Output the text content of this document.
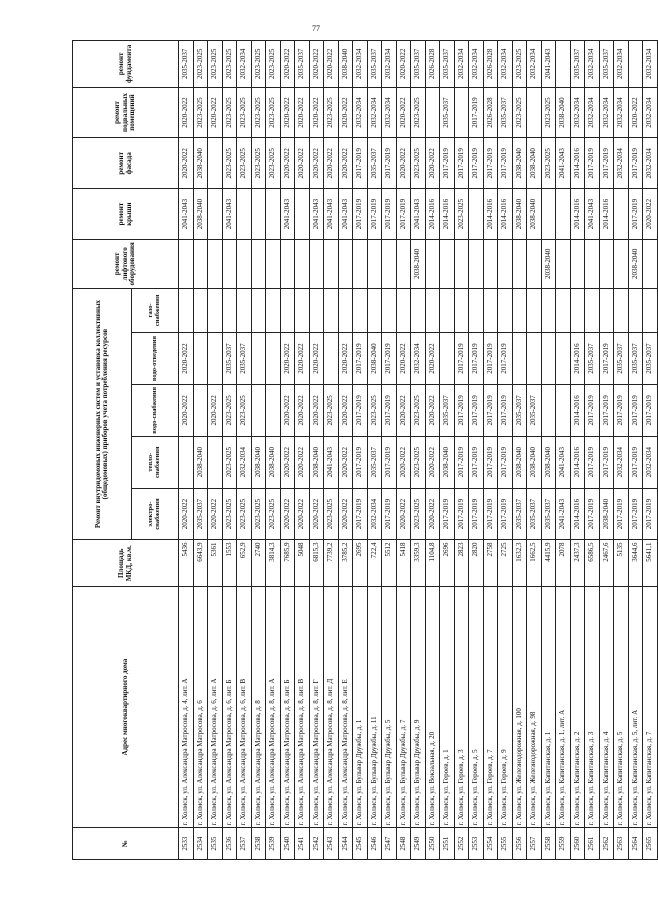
77
№	Адрес многоквартирного дома	Площадь МКД, кв.м.	Ремонт внутридомовых инженерных систем и установка коллективных (общедомовых) приборов учета потребления ресурсов					ремонт лифтового оборудования	ремонт крыши	ремонт фасада	ремонт подвальных помещений	ремонт фундамента
			электро-снабжения	тепло-снабжения	водо-снабжения	водо-отведения	газо-снабжения					
2533	г. Холмск, ул. Александра Матросова, д. 4, лит. А	5436	2020-2022		2020-2022	2020-2022			2041-2043	2020-2022	2020-2022	2035-2037
2534	г. Холмск, ул. Александра Матросова, д. 6	6643,9	2035-2037	2038-2040					2038-2040	2038-2040	2023-2025	2023-2025
2535	г. Холмск, ул. Александра Матросова, д. 6, лит. А	5361	2020-2022		2020-2022						2020-2022	2023-2025
2536	г. Холмск, ул. Александра Матросова, д. 6, лит. Б	1553	2023-2025	2023-2025	2023-2025	2035-2037			2041-2043	2023-2025	2023-2025	2023-2025
2537	г. Холмск, ул. Александра Матросова, д. 6, лит. В	652,9	2023-2025	2032-2034	2023-2025	2035-2037				2023-2025	2023-2025	2032-2034
2538	г. Холмск, ул. Александра Матросова, д. 8	2740	2023-2025	2038-2040						2023-2025	2023-2025	2023-2025
2539	г. Холмск, ул. Александра Матросова, д. 8, лит. А	3814,3	2023-2025	2038-2040						2023-2025	2023-2025	2023-2025
2540	г. Холмск, ул. Александра Матросова, д. 8, лит. Б	7685,9	2020-2022	2020-2022	2020-2022	2020-2022			2041-2043	2020-2022	2020-2022	2020-2022
2541	г. Холмск, ул. Александра Матросова, д. 8, лит. В	5048	2020-2022	2020-2022	2020-2022	2020-2022				2020-2022	2020-2022	2035-2037
2542	г. Холмск, ул. Александра Матросова, д. 8, лит. Г	6815,3	2020-2022	2038-2040	2020-2022	2020-2022			2041-2043	2020-2022	2020-2022	2020-2022
2543	г. Холмск, ул. Александра Матросова, д. 8, лит. Д	7739,2	2023-2025	2041-2043	2023-2025				2041-2043	2020-2022	2023-2025	2020-2022
2544	г. Холмск, ул. Александра Матросова, д. 8, лит. Е	3785,2	2020-2022	2020-2022	2020-2022	2020-2022			2041-2043	2020-2022	2020-2022	2038-2040
2545	г. Холмск, ул. Бульвар Дружбы, д. 1	2695	2017-2019	2017-2019	2017-2019	2017-2019			2017-2019	2017-2019	2032-2034	2032-2034
2546	г. Холмск, ул. Бульвар Дружбы, д. 11	722,4	2032-2034	2035-2037	2023-2025	2038-2040			2017-2019	2035-2037	2032-2034	2035-2037
2547	г. Холмск, ул. Бульвар Дружбы, д. 5	5512	2017-2019	2017-2019	2017-2019	2017-2019			2017-2019	2017-2019	2032-2034	2032-2034
2548	г. Холмск, ул. Бульвар Дружбы, д. 7	5418	2020-2022	2020-2022	2020-2022	2020-2022			2017-2019	2020-2022	2020-2022	2020-2022
2549	г. Холмск, ул. Бульвар Дружбы, д. 9	3359,3	2023-2025	2023-2025	2023-2025	2032-2034		2038-2040	2041-2043	2023-2025	2023-2025	2035-2037
2550	г. Холмск, ул. Вокзальная, д. 20	1104,8	2020-2022	2020-2022	2020-2022	2020-2022			2014-2016	2020-2022		2026-2028
2551	г. Холмск, ул. Героев, д. 1	2696	2017-2019	2038-2040	2035-2037				2014-2016	2017-2019	2035-2037	2035-2037
2552	г. Холмск, ул. Героев, д. 3	2823	2017-2019	2017-2019	2017-2019	2017-2019			2023-2025	2017-2019		2032-2034
2553	г. Холмск, ул. Героев, д. 5	2820	2017-2019	2017-2019	2017-2019	2017-2019				2017-2019	2017-2019	2032-2034
2554	г. Холмск, ул. Героев, д. 7	2758	2017-2019	2017-2019	2017-2019	2017-2019			2014-2016	2017-2019	2026-2028	2026-2028
2555	г. Холмск, ул. Героев, д. 9	2725	2017-2019	2017-2019	2017-2019	2017-2019			2014-2016	2017-2019	2035-2037	2032-2034
2556	г. Холмск, ул. Железнодорожная, д. 100	1632,3	2035-2037	2038-2040	2035-2037				2038-2040	2038-2040	2023-2025	2023-2025
2557	г. Холмск, ул. Железнодорожная, д. 98	1662,5	2035-2037	2038-2040	2035-2037				2038-2040	2038-2040		2032-2034
2558	г. Холмск, ул. Капитанская, д. 1	4415,9	2035-2037	2038-2040				2038-2040		2023-2025	2023-2025	2041-2043
2559	г. Холмск, ул. Капитанская, д. 1, лит. А	2078	2041-2043	2041-2043						2041-2043	2038-2040	
2560	г. Холмск, ул. Капитанская, д. 2	2437,3	2014-2016	2014-2016	2014-2016	2014-2016			2014-2016	2014-2016	2032-2034	2035-2037
2561	г. Холмск, ул. Капитанская, д. 3	6586,5	2017-2019	2017-2019	2017-2019	2035-2037			2041-2043	2017-2019	2032-2034	2032-2034
2562	г. Холмск, ул. Капитанская, д. 4	2467,6	2038-2040	2017-2019	2017-2019	2017-2019			2014-2016	2017-2019	2032-2034	2035-2037
2563	г. Холмск, ул. Капитанская, д. 5	5135	2017-2019	2032-2034	2017-2019	2035-2037				2032-2034	2032-2034	2032-2034
2564	г. Холмск, ул. Капитанская, д. 5, лит. А	3644,6	2017-2019	2017-2019	2017-2019	2035-2037		2038-2040	2017-2019	2017-2019	2020-2022	
2565	г. Холмск, ул. Капитанская, д. 7	5641,1	2017-2019	2032-2034	2017-2019	2035-2037			2020-2022	2032-2034	2032-2034	2032-2034
